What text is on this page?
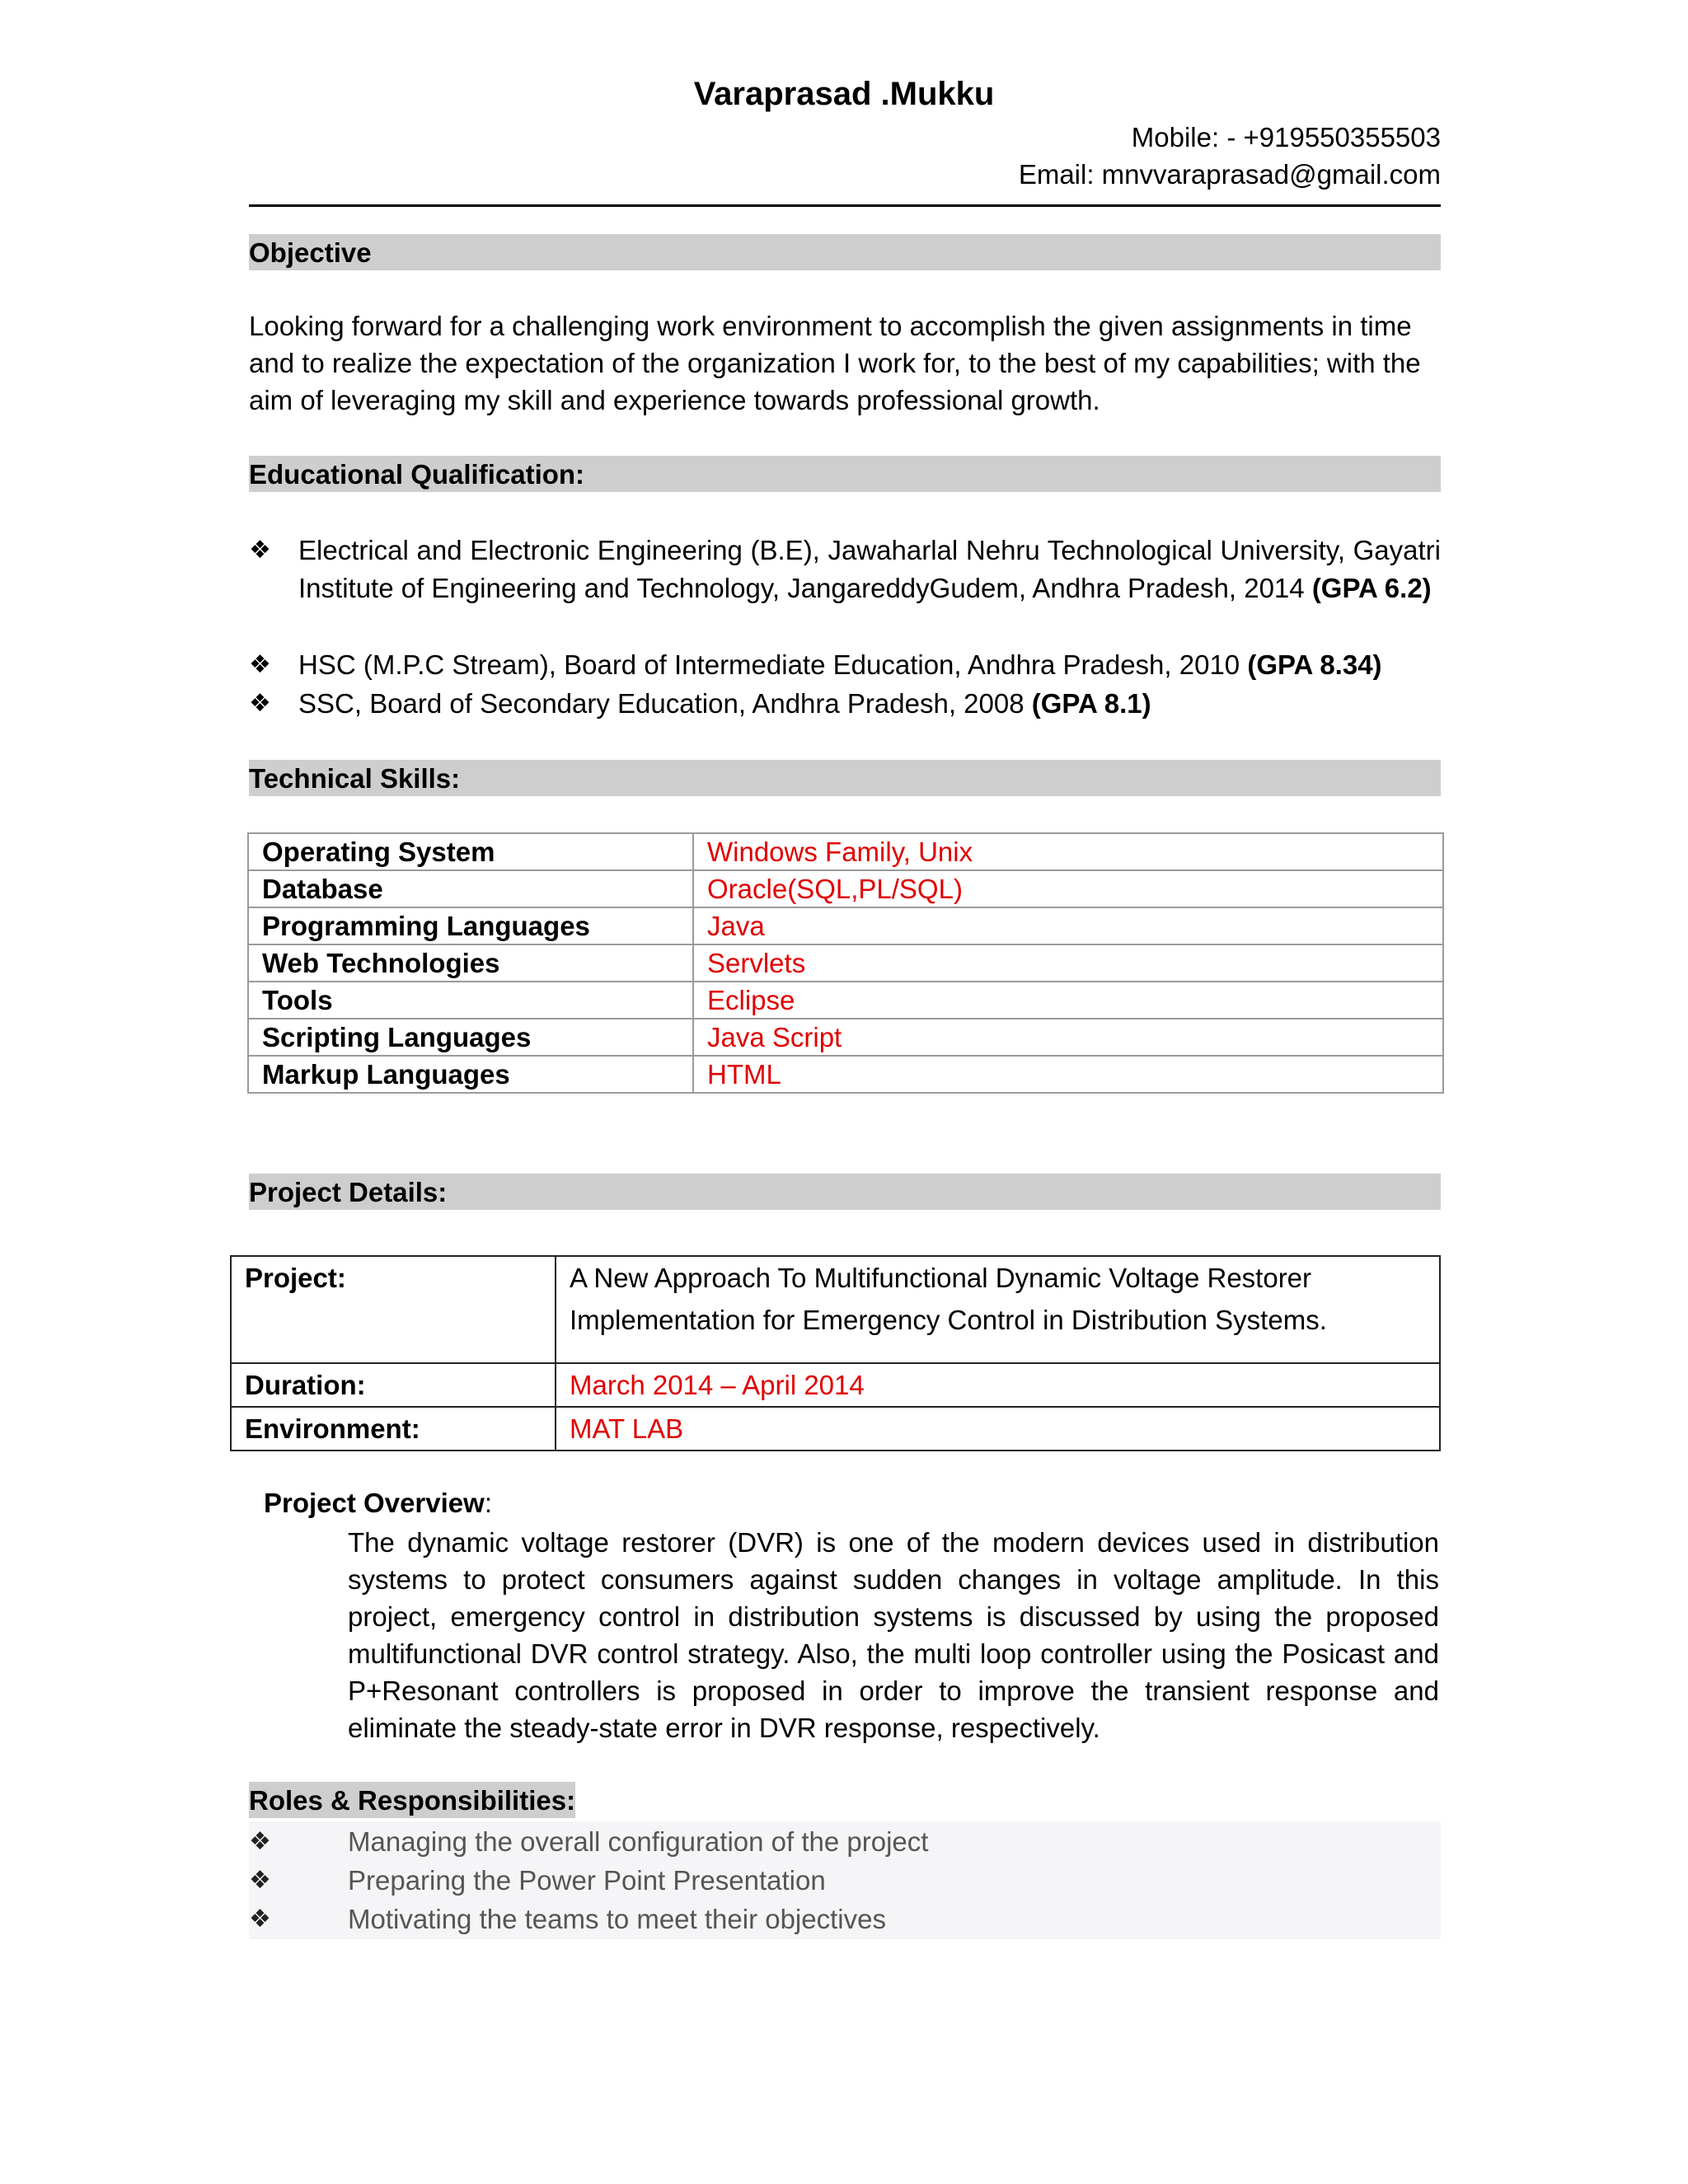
Varaprasad .Mukku
Mobile: - +919550355503
Email: mnvvaraprasad@gmail.com
Objective
Looking forward for a challenging work environment to accomplish the given assignments in time and to realize the expectation of the organization I work for, to the best of my capabilities; with the aim of leveraging my skill and experience towards professional growth.
Educational Qualification:
❖	Electrical and Electronic Engineering (B.E), Jawaharlal Nehru Technological University, Gayatri Institute of Engineering and Technology, JangareddyGudem, Andhra Pradesh, 2014 (GPA 6.2)
❖	HSC (M.P.C Stream), Board of Intermediate Education, Andhra Pradesh, 2010 (GPA 8.34)
❖	SSC, Board of Secondary Education, Andhra Pradesh, 2008 (GPA 8.1)
Technical Skills:
Operating System	Windows Family, Unix
Database	Oracle(SQL,PL/SQL)
Programming Languages	Java
Web Technologies	Servlets
Tools	Eclipse
Scripting Languages	Java Script
Markup Languages	HTML
Project Details:
Project:	A New Approach To Multifunctional Dynamic Voltage Restorer Implementation for Emergency Control in Distribution Systems.
Duration:	March 2014 – April 2014
Environment:	MAT LAB
Project Overview:
The dynamic voltage restorer (DVR) is one of the modern devices used in distribution systems to protect consumers against sudden changes in voltage amplitude. In this project, emergency control in distribution systems is discussed by using the proposed multifunctional DVR control strategy. Also, the multi loop controller using the Posicast and P+Resonant controllers is proposed in order to improve the transient response and eliminate the steady-state error in DVR response, respectively.
Roles & Responsibilities:
❖	Managing the overall configuration of the project
❖	Preparing the Power Point Presentation
❖	Motivating the teams to meet their objectives
